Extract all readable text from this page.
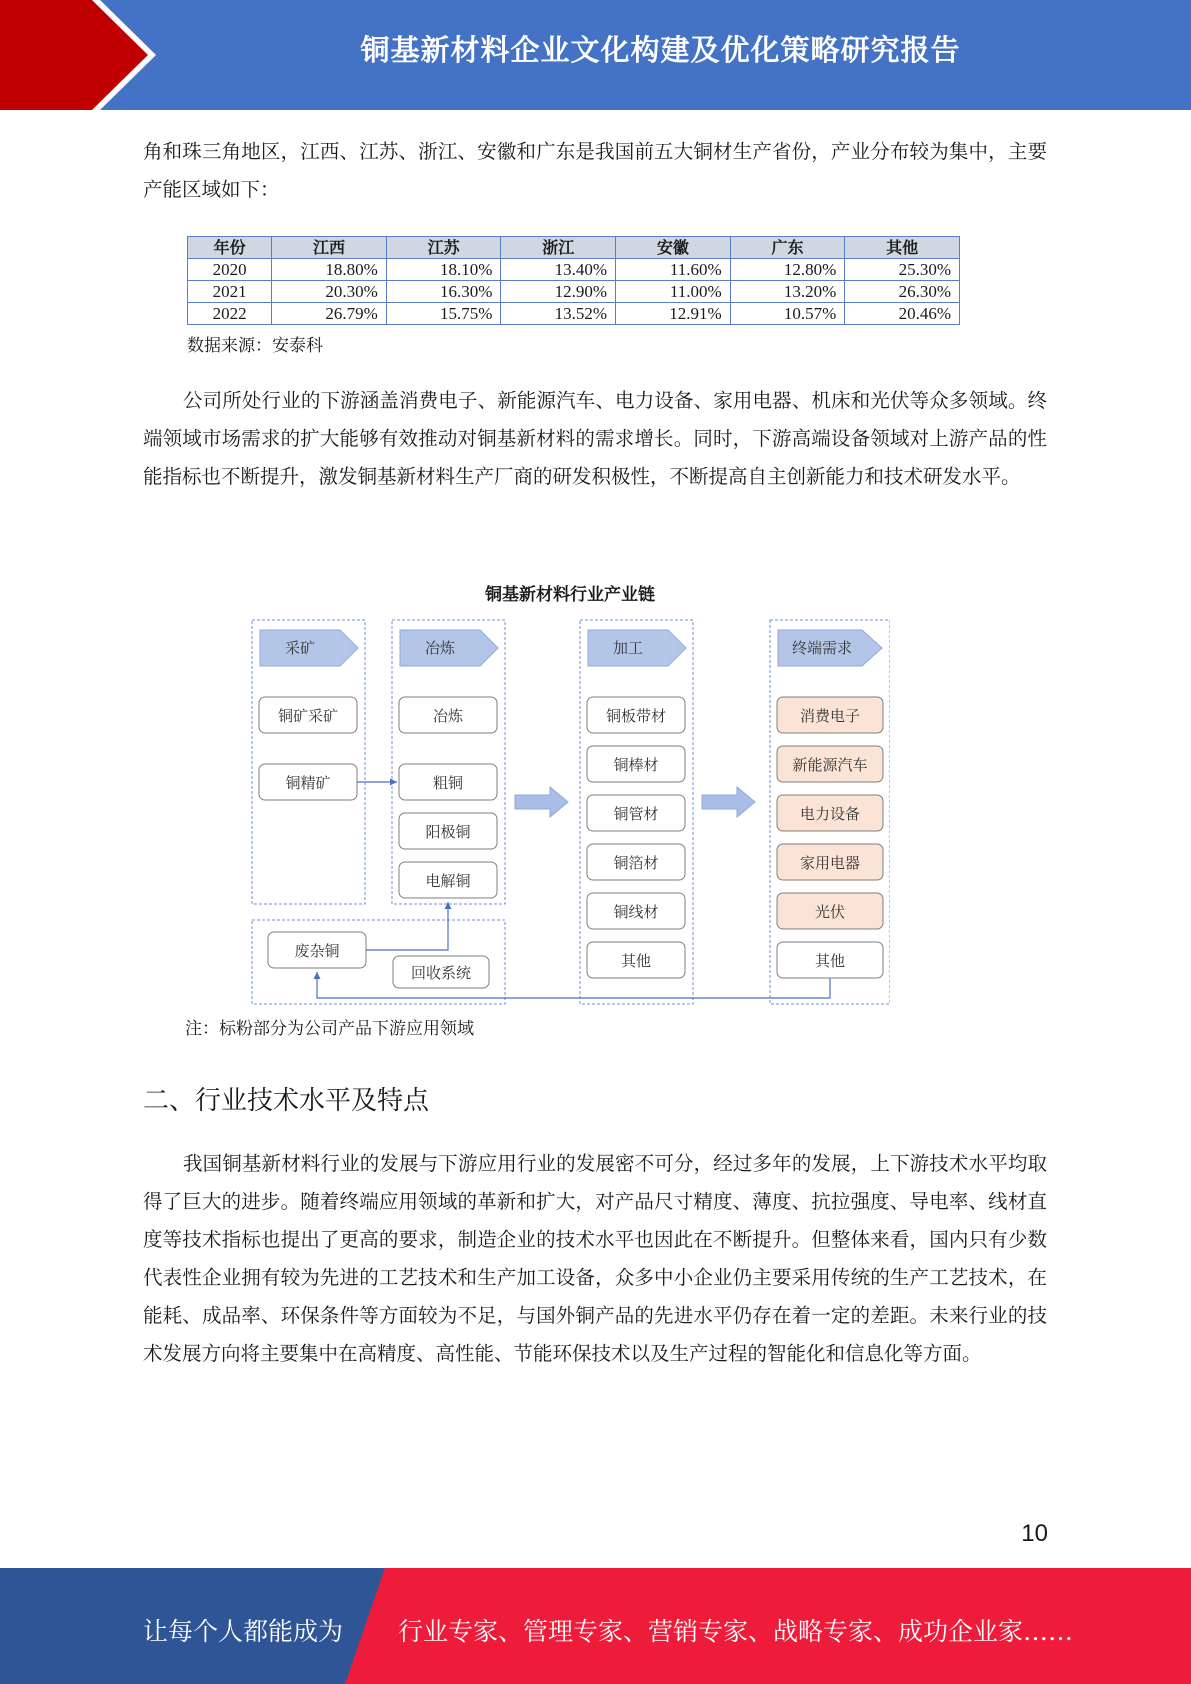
铜基新材料企业文化构建及优化策略研究报告

角和珠三角地区，江西、江苏、浙江、安徽和广东是我国前五大铜材生产省份，产业分布较为集中，主要产能区域如下：

年份	江西	江苏	浙江	安徽	广东	其他
2020	18.80%	18.10%	13.40%	11.60%	12.80%	25.30%
2021	20.30%	16.30%	12.90%	11.00%	13.20%	26.30%
2022	26.79%	15.75%	13.52%	12.91%	10.57%	20.46%
数据来源：安泰科

公司所处行业的下游涵盖消费电子、新能源汽车、电力设备、家用电器、机床和光伏等众多领域。终端领域市场需求的扩大能够有效推动对铜基新材料的需求增长。同时，下游高端设备领域对上游产品的性能指标也不断提升，激发铜基新材料生产厂商的研发积极性，不断提高自主创新能力和技术研发水平。

铜基新材料行业产业链
采矿	冶炼	加工	终端需求
铜矿采矿
铜精矿
冶炼
粗铜
阳极铜
电解铜
铜板带材
铜棒材
铜管材
铜箔材
铜线材
其他
消费电子
新能源汽车
电力设备
家用电器
光伏
其他
废杂铜
回收系统
注：标粉部分为公司产品下游应用领域
二、行业技术水平及特点

我国铜基新材料行业的发展与下游应用行业的发展密不可分，经过多年的发展，上下游技术水平均取得了巨大的进步。随着终端应用领域的革新和扩大，对产品尺寸精度、薄度、抗拉强度、导电率、线材直度等技术指标也提出了更高的要求，制造企业的技术水平也因此在不断提升。但整体来看，国内只有少数代表性企业拥有较为先进的工艺技术和生产加工设备，众多中小企业仍主要采用传统的生产工艺技术，在能耗、成品率、环保条件等方面较为不足，与国外铜产品的先进水平仍存在着一定的差距。未来行业的技术发展方向将主要集中在高精度、高性能、节能环保技术以及生产过程的智能化和信息化等方面。

10
让每个人都能成为 行业专家、管理专家、营销专家、战略专家、成功企业家……
